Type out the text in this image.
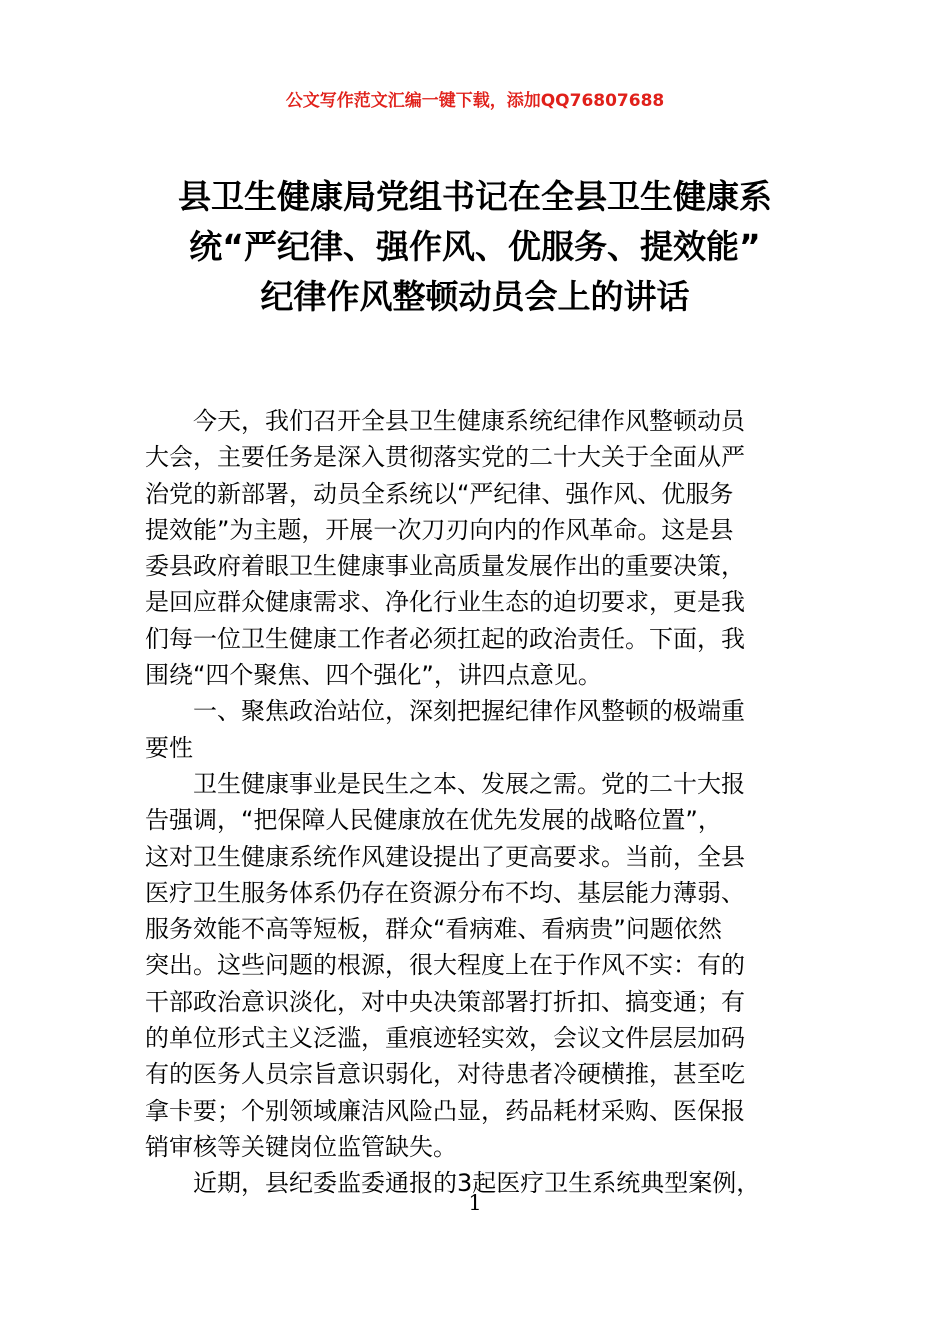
公文写作范文汇编一键下载，添加QQ76807688
县卫生健康局党组书记在全县卫生健康系
统“严纪律、强作风、优服务、提效能”
纪律作风整顿动员会上的讲话
今天，我们召开全县卫生健康系统纪律作风整顿动员
大会，主要任务是深入贯彻落实党的二十大关于全面从严
治党的新部署，动员全系统以“严纪律、强作风、优服务
提效能”为主题，开展一次刀刃向内的作风革命。这是县
委县政府着眼卫生健康事业高质量发展作出的重要决策，
是回应群众健康需求、净化行业生态的迫切要求，更是我
们每一位卫生健康工作者必须扛起的政治责任。下面，我
围绕“四个聚焦、四个强化”，讲四点意见。
一、聚焦政治站位，深刻把握纪律作风整顿的极端重
要性
卫生健康事业是民生之本、发展之需。党的二十大报
告强调，“把保障人民健康放在优先发展的战略位置”，
这对卫生健康系统作风建设提出了更高要求。当前，全县
医疗卫生服务体系仍存在资源分布不均、基层能力薄弱、
服务效能不高等短板，群众“看病难、看病贵”问题依然
突出。这些问题的根源，很大程度上在于作风不实：有的
干部政治意识淡化，对中央决策部署打折扣、搞变通；有
的单位形式主义泛滥，重痕迹轻实效，会议文件层层加码
有的医务人员宗旨意识弱化，对待患者冷硬横推，甚至吃
拿卡要；个别领域廉洁风险凸显，药品耗材采购、医保报
销审核等关键岗位监管缺失。
近期，县纪委监委通报的3起医疗卫生系统典型案例，
1
